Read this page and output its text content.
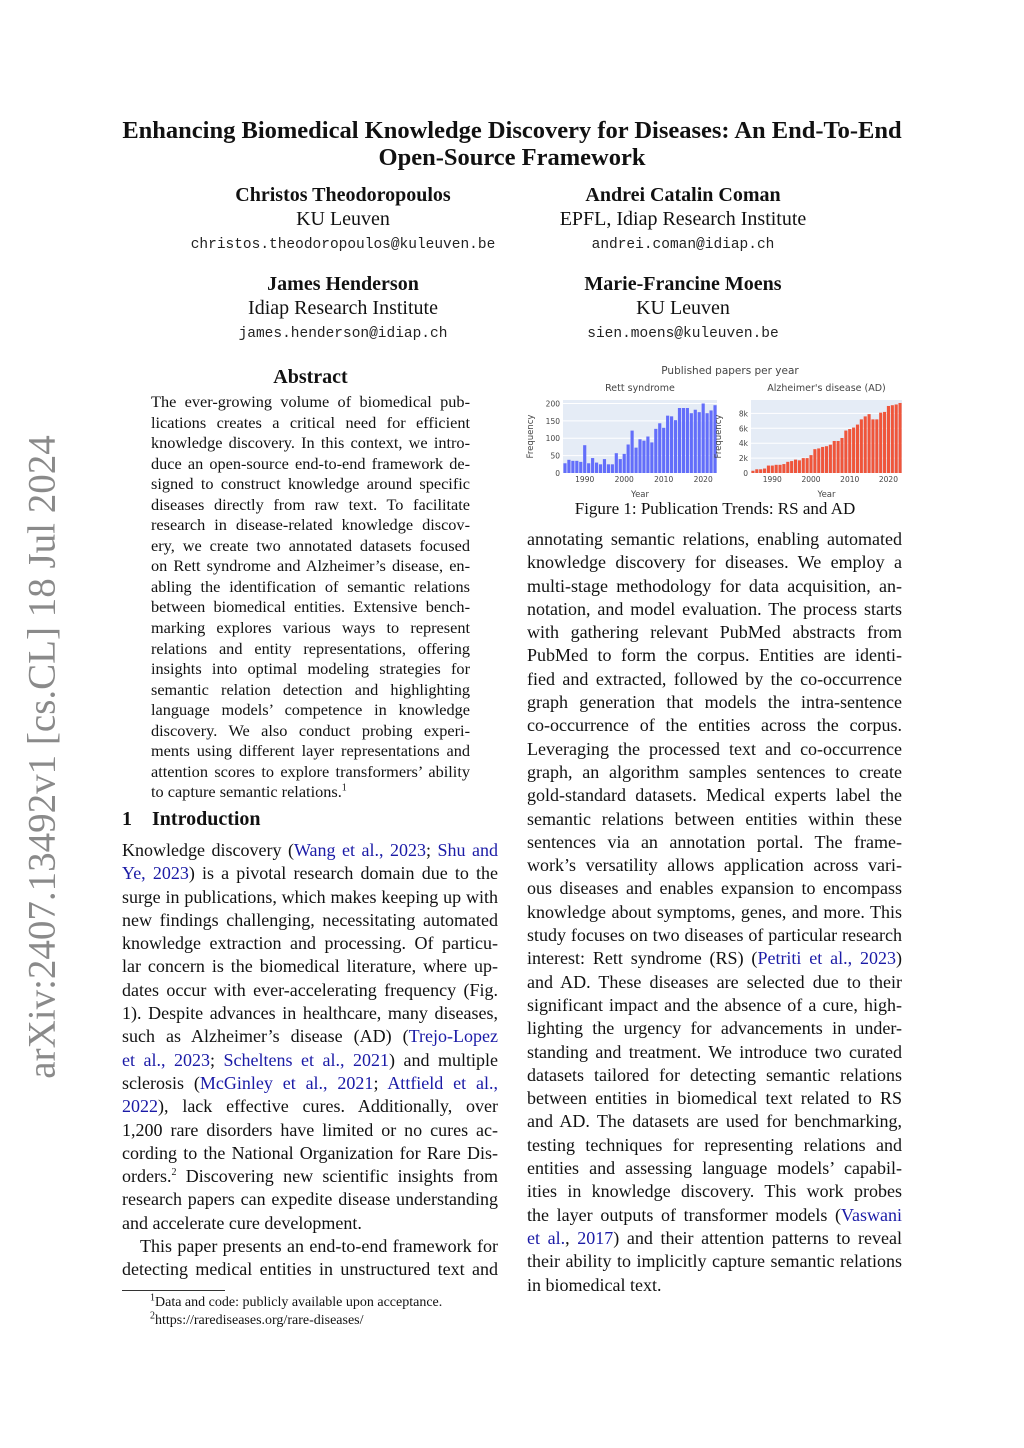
arXiv:2407.13492v1 [cs.CL] 18 Jul 2024
Enhancing Biomedical Knowledge Discovery for Diseases: An End-To-End
Open-Source Framework
Christos Theodoropoulos
KU Leuven
christos.theodoropoulos@kuleuven.be
Andrei Catalin Coman
EPFL, Idiap Research Institute
andrei.coman@idiap.ch
James Henderson
Idiap Research Institute
james.henderson@idiap.ch
Marie-Francine Moens
KU Leuven
sien.moens@kuleuven.be
Abstract
The ever-growing volume of biomedical pub-
lications creates a critical need for efficient
knowledge discovery. In this context, we intro-
duce an open-source end-to-end framework de-
signed to construct knowledge around specific
diseases directly from raw text. To facilitate
research in disease-related knowledge discov-
ery, we create two annotated datasets focused
on Rett syndrome and Alzheimer’s disease, en-
abling the identification of semantic relations
between biomedical entities. Extensive bench-
marking explores various ways to represent
relations and entity representations, offering
insights into optimal modeling strategies for
semantic relation detection and highlighting
language models’ competence in knowledge
discovery. We also conduct probing experi-
ments using different layer representations and
attention scores to explore transformers’ ability
to capture semantic relations.$^1$
1 Introduction
Knowledge discovery (Wang et al., 2023; Shu and
Ye, 2023) is a pivotal research domain due to the
surge in publications, which makes keeping up with
new findings challenging, necessitating automated
knowledge extraction and processing. Of particu-
lar concern is the biomedical literature, where up-
dates occur with ever-accelerating frequency (Fig.
1). Despite advances in healthcare, many diseases,
such as Alzheimer’s disease (AD) (Trejo-Lopez
et al., 2023; Scheltens et al., 2021) and multiple
sclerosis (McGinley et al., 2021; Attfield et al.,
2022), lack effective cures. Additionally, over
1,200 rare disorders have limited or no cures ac-
cording to the National Organization for Rare Dis-
orders.$^2$ Discovering new scientific insights from
research papers can expedite disease understanding
and accelerate cure development.
This paper presents an end-to-end framework for
detecting medical entities in unstructured text and
$^1$Data and code: publicly available upon acceptance.
$^2$https://rarediseases.org/rare-diseases/
Published papers per year
0
50
100
150
200
1990	2000	2010	2020
Rett syndrome
Year
Frequency
0
2k
4k
6k
8k
1990	2000	2010	2020
Alzheimer's disease (AD)
Year
Frequency
Figure 1: Publication Trends: RS and AD
annotating semantic relations, enabling automated
knowledge discovery for diseases. We employ a
multi-stage methodology for data acquisition, an-
notation, and model evaluation. The process starts
with gathering relevant PubMed abstracts from
PubMed to form the corpus. Entities are identi-
fied and extracted, followed by the co-occurrence
graph generation that models the intra-sentence
co-occurrence of the entities across the corpus.
Leveraging the processed text and co-occurrence
graph, an algorithm samples sentences to create
gold-standard datasets. Medical experts label the
semantic relations between entities within these
sentences via an annotation portal. The frame-
work’s versatility allows application across vari-
ous diseases and enables expansion to encompass
knowledge about symptoms, genes, and more. This
study focuses on two diseases of particular research
interest: Rett syndrome (RS) (Petriti et al., 2023)
and AD. These diseases are selected due to their
significant impact and the absence of a cure, high-
lighting the urgency for advancements in under-
standing and treatment. We introduce two curated
datasets tailored for detecting semantic relations
between entities in biomedical text related to RS
and AD. The datasets are used for benchmarking,
testing techniques for representing relations and
entities and assessing language models’ capabil-
ities in knowledge discovery. This work probes
the layer outputs of transformer models (Vaswani
et al., 2017) and their attention patterns to reveal
their ability to implicitly capture semantic relations
in biomedical text.
